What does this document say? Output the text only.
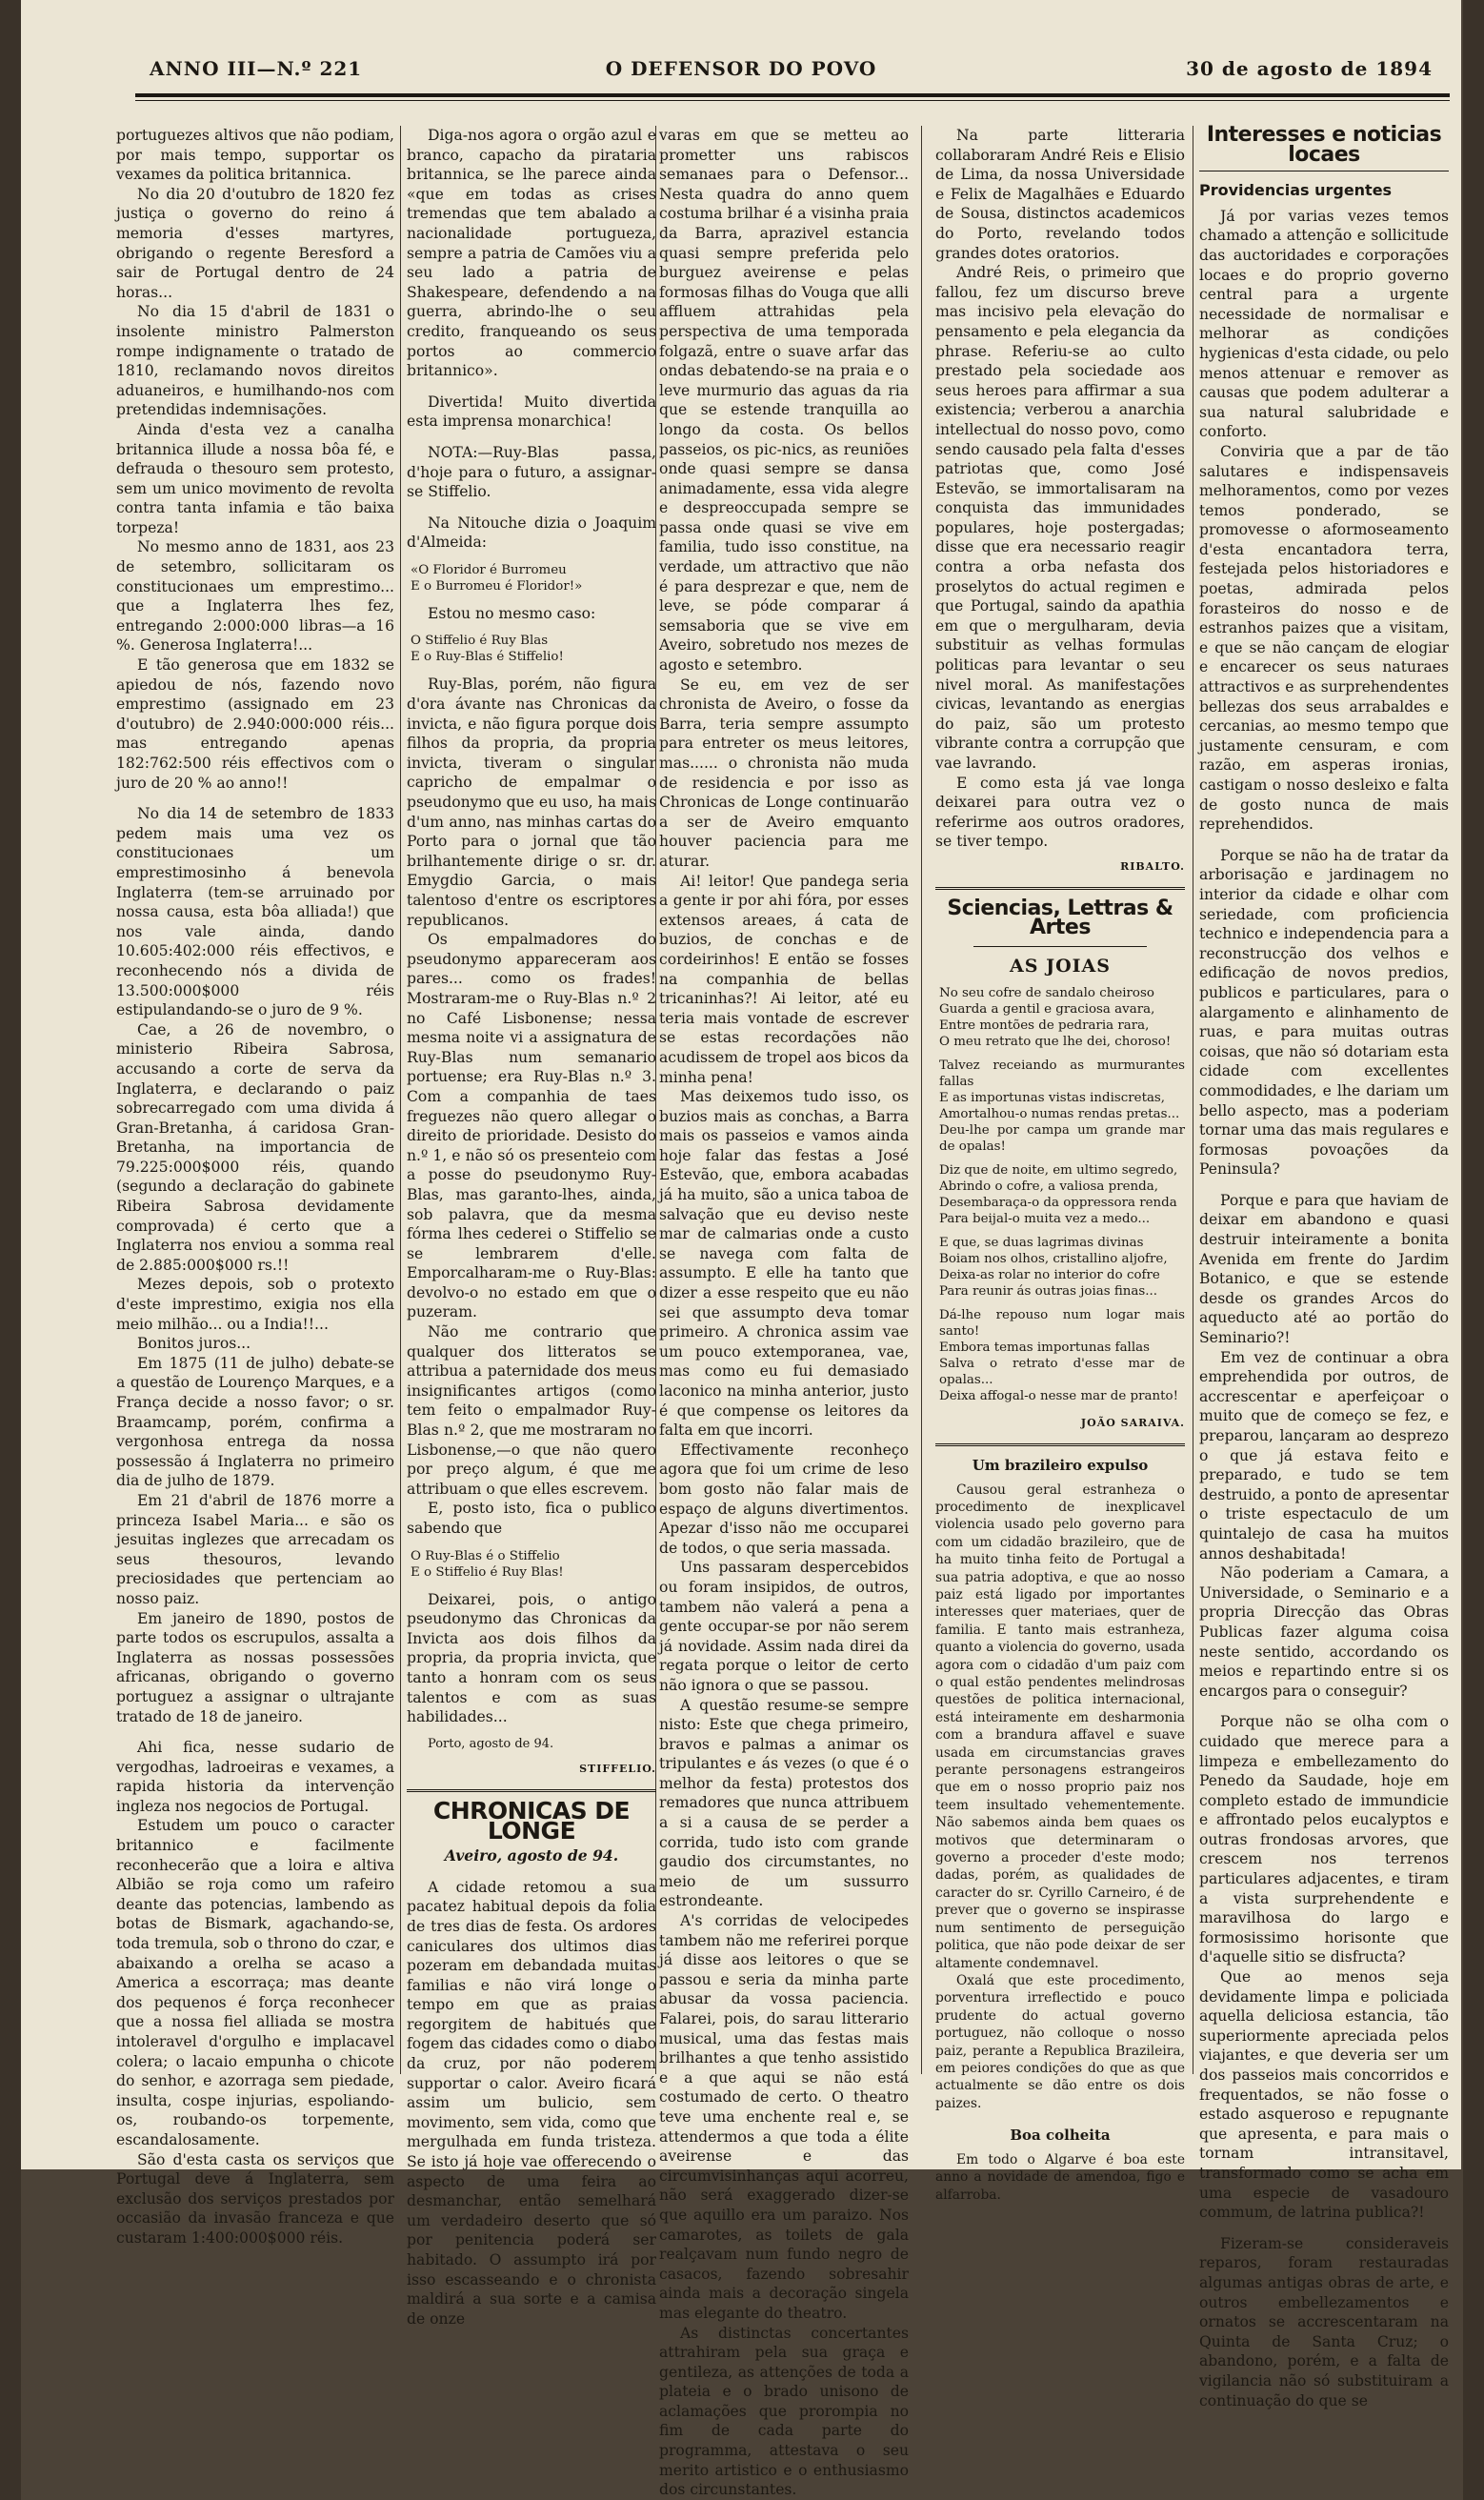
ANNO III—N.º 221	O DEFENSOR DO POVO	30 de agosto de 1894

portuguezes altivos que não podiam, por mais tempo, supportar os vexames da politica britannica.

No dia 20 d'outubro de 1820 fez justiça o governo do reino á memoria d'esses martyres, obrigando o regente Beresford a sair de Portugal dentro de 24 horas...

No dia 15 d'abril de 1831 o insolente ministro Palmerston rompe indignamente o tratado de 1810, reclamando novos direitos aduaneiros, e humilhando-nos com pretendidas indemnisações.

Ainda d'esta vez a canalha britannica illude a nossa bôa fé, e defrauda o thesouro sem protesto, sem um unico movimento de revolta contra tanta infamia e tão baixa torpeza!

No mesmo anno de 1831, aos 23 de setembro, sollicitaram os constitucionaes um emprestimo... que a Inglaterra lhes fez, entregando 2:000:000 libras—a 16 %. Generosa Inglaterra!...

E tão generosa que em 1832 se apiedou de nós, fazendo novo emprestimo (assignado em 23 d'outubro) de 2.940:000:000 réis... mas entregando apenas 182:762:500 réis effectivos com o juro de 20 % ao anno!!

No dia 14 de setembro de 1833 pedem mais uma vez os constitucionaes um emprestimosinho á benevola Inglaterra (tem-se arruinado por nossa causa, esta bôa alliada!) que nos vale ainda, dando 10.605:402:000 réis effectivos, e reconhecendo nós a divida de 13.500:000$000 réis estipulandando-se o juro de 9 %.

Cae, a 26 de novembro, o ministerio Ribeira Sabrosa, accusando a corte de serva da Inglaterra, e declarando o paiz sobrecarregado com uma divida á Gran-Bretanha, á caridosa Gran-Bretanha, na importancia de 79.225:000$000 réis, quando (segundo a declaração do gabinete Ribeira Sabrosa devidamente comprovada) é certo que a Inglaterra nos enviou a somma real de 2.885:000$000 rs.!!

Mezes depois, sob o protexto d'este imprestimo, exigia nos ella meio milhão... ou a India!!...

Bonitos juros...

Em 1875 (11 de julho) debate-se a questão de Lourenço Marques, e a França decide a nosso favor; o sr. Braamcamp, porém, confirma a vergonhosa entrega da nossa possessão á Inglaterra no primeiro dia de julho de 1879.

Em 21 d'abril de 1876 morre a princeza Isabel Maria... e são os jesuitas inglezes que arrecadam os seus thesouros, levando preciosidades que pertenciam ao nosso paiz.

Em janeiro de 1890, postos de parte todos os escrupulos, assalta a Inglaterra as nossas possessões africanas, obrigando o governo portuguez a assignar o ultrajante tratado de 18 de janeiro.

Ahi fica, nesse sudario de vergodhas, ladroeiras e vexames, a rapida historia da intervenção ingleza nos negocios de Portugal.

Estudem um pouco o caracter britannico e facilmente reconhecerão que a loira e altiva Albião se roja como um rafeiro deante das potencias, lambendo as botas de Bismark, agachando-se, toda tremula, sob o throno do czar, e abaixando a orelha se acaso a America a escorraça; mas deante dos pequenos é força reconhecer que a nossa fiel alliada se mostra intoleravel d'orgulho e implacavel colera; o lacaio empunha o chicote do senhor, e azorraga sem piedade, insulta, cospe injurias, espoliando-os, roubando-os torpemente, escandalosamente.

São d'esta casta os serviços que Portugal deve á Inglaterra, sem exclusão dos serviços prestados por occasião da invasão franceza e que custaram 1:400:000$000 réis.

Diga-nos agora o orgão azul e branco, capacho da pirataria britannica, se lhe parece ainda «que em todas as crises tremendas que tem abalado a nacionalidade portugueza, sempre a patria de Camões viu a seu lado a patria de Shakespeare, defendendo a na guerra, abrindo-lhe o seu credito, franqueando os seus portos ao commercio britannico».

Divertida! Muito divertida esta imprensa monarchica!

NOTA:—Ruy-Blas passa, d'hoje para o futuro, a assignar-se Stiffelio.

Na Nitouche dizia o Joaquim d'Almeida:

«O Floridor é Burromeu
E o Burromeu é Floridor!»

Estou no mesmo caso:

O Stiffelio é Ruy Blas
E o Ruy-Blas é Stiffelio!

Ruy-Blas, porém, não figura d'ora ávante nas Chronicas da invicta, e não figura porque dois filhos da propria, da propria invicta, tiveram o singular capricho de empalmar o pseudonymo que eu uso, ha mais d'um anno, nas minhas cartas do Porto para o jornal que tão brilhantemente dirige o sr. dr. Emygdio Garcia, o mais talentoso d'entre os escriptores republicanos.

Os empalmadores do pseudonymo appareceram aos pares... como os frades! Mostraram-me o Ruy-Blas n.º 2 no Café Lisbonense; nessa mesma noite vi a assignatura de Ruy-Blas num semanario portuense; era Ruy-Blas n.º 3. Com a companhia de taes freguezes não quero allegar o direito de prioridade. Desisto do n.º 1, e não só os presenteio com a posse do pseudonymo Ruy-Blas, mas garanto-lhes, ainda, sob palavra, que da mesma fórma lhes cederei o Stiffelio se se lembrarem d'elle. Emporcalharam-me o Ruy-Blas: devolvo-o no estado em que o puzeram.

Não me contrario que qualquer dos litteratos se attribua a paternidade dos meus insignificantes artigos (como tem feito o empalmador Ruy-Blas n.º 2, que me mostraram no Lisbonense,—o que não quero por preço algum, é que me attribuam o que elles escrevem.

E, posto isto, fica o publico sabendo que

O Ruy-Blas é o Stiffelio
E o Stiffelio é Ruy Blas!

Deixarei, pois, o antigo pseudonymo das Chronicas da Invicta aos dois filhos da propria, da propria invicta, que tanto a honram com os seus talentos e com as suas habilidades...

Porto, agosto de 94.

STIFFELIO.
CHRONICAS DE LONGE

Aveiro, agosto de 94.

A cidade retomou a sua pacatez habitual depois da folia de tres dias de festa. Os ardores caniculares dos ultimos dias pozeram em debandada muitas familias e não virá longe o tempo em que as praias regorgitem de habitués que fogem das cidades como o diabo da cruz, por não poderem supportar o calor. Aveiro ficará assim um bulicio, sem movimento, sem vida, como que mergulhada em funda tristeza. Se isto já hoje vae offerecendo o aspecto de uma feira ao desmanchar, então semelhará um verdadeiro deserto que só por penitencia poderá ser habitado. O assumpto irá por isso escasseando e o chronista maldirá a sua sorte e a camisa de onze

varas em que se metteu ao prometter uns rabiscos semanaes para o Defensor... Nesta quadra do anno quem costuma brilhar é a visinha praia da Barra, aprazivel estancia quasi sempre preferida pelo burguez aveirense e pelas formosas filhas do Vouga que alli affluem attrahidas pela perspectiva de uma temporada folgazã, entre o suave arfar das ondas debatendo-se na praia e o leve murmurio das aguas da ria que se estende tranquilla ao longo da costa. Os bellos passeios, os pic-nics, as reuniões onde quasi sempre se dansa animadamente, essa vida alegre e despreoccupada sempre se passa onde quasi se vive em familia, tudo isso constitue, na verdade, um attractivo que não é para desprezar e que, nem de leve, se póde comparar á semsaboria que se vive em Aveiro, sobretudo nos mezes de agosto e setembro.

Se eu, em vez de ser chronista de Aveiro, o fosse da Barra, teria sempre assumpto para entreter os meus leitores, mas...... o chronista não muda de residencia e por isso as Chronicas de Longe continuarão a ser de Aveiro emquanto houver paciencia para me aturar.

Ai! leitor! Que pandega seria a gente ir por ahi fóra, por esses extensos areaes, á cata de buzios, de conchas e de cordeirinhos! E então se fosses na companhia de bellas tricaninhas?! Ai leitor, até eu teria mais vontade de escrever se estas recordações não acudissem de tropel aos bicos da minha pena!

Mas deixemos tudo isso, os buzios mais as conchas, a Barra mais os passeios e vamos ainda hoje falar das festas a José Estevão, que, embora acabadas já ha muito, são a unica taboa de salvação que eu deviso neste mar de calmarias onde a custo se navega com falta de assumpto. E elle ha tanto que dizer a esse respeito que eu não sei que assumpto deva tomar primeiro. A chronica assim vae um pouco extemporanea, vae, mas como eu fui demasiado laconico na minha anterior, justo é que compense os leitores da falta em que incorri.

Effectivamente reconheço agora que foi um crime de leso bom gosto não falar mais de espaço de alguns divertimentos. Apezar d'isso não me occuparei de todos, o que seria massada.

Uns passaram despercebidos ou foram insipidos, de outros, tambem não valerá a pena a gente occupar-se por não serem já novidade. Assim nada direi da regata porque o leitor de certo não ignora o que se passou.

A questão resume-se sempre nisto: Este que chega primeiro, bravos e palmas a animar os tripulantes e ás vezes (o que é o melhor da festa) protestos dos remadores que nunca attribuem a si a causa de se perder a corrida, tudo isto com grande gaudio dos circumstantes, no meio de um sussurro estrondeante.

A's corridas de velocipedes tambem não me referirei porque já disse aos leitores o que se passou e seria da minha parte abusar da vossa paciencia. Falarei, pois, do sarau litterario musical, uma das festas mais brilhantes a que tenho assistido e a que aqui se não está costumado de certo. O theatro teve uma enchente real e, se attendermos a que toda a élite aveirense e das circumvisinhanças aqui acorreu, não será exaggerado dizer-se que aquillo era um paraizo. Nos camarotes, as toilets de gala realçavam num fundo negro de casacos, fazendo sobresahir ainda mais a decoração singela mas elegante do theatro.

As distinctas concertantes attrahiram pela sua graça e gentileza, as attenções de toda a plateia e o brado unisono de aclamações que prorompia no fim de cada parte do programma, attestava o seu merito artistico e o enthusiasmo dos circunstantes.

Na parte litteraria collaboraram André Reis e Elisio de Lima, da nossa Universidade e Felix de Magalhães e Eduardo de Sousa, distinctos academicos do Porto, revelando todos grandes dotes oratorios.

André Reis, o primeiro que fallou, fez um discurso breve mas incisivo pela elevação do pensamento e pela elegancia da phrase. Referiu-se ao culto prestado pela sociedade aos seus heroes para affirmar a sua existencia; verberou a anarchia intellectual do nosso povo, como sendo causado pela falta d'esses patriotas que, como José Estevão, se immortalisaram na conquista das immunidades populares, hoje postergadas; disse que era necessario reagir contra a orba nefasta dos proselytos do actual regimen e que Portugal, saindo da apathia em que o mergulharam, devia substituir as velhas formulas politicas para levantar o seu nivel moral. As manifestações civicas, levantando as energias do paiz, são um protesto vibrante contra a corrupção que vae lavrando.

E como esta já vae longa deixarei para outra vez o referirme aos outros oradores, se tiver tempo.

RIBALTO.
Sciencias, Lettras & Artes
AS JOIAS
No seu cofre de sandalo cheiroso
Guarda a gentil e graciosa avara,
Entre montões de pedraria rara,
O meu retrato que lhe dei, choroso!

Talvez receiando as murmurantes fallas
E as importunas vistas indiscretas,
Amortalhou-o numas rendas pretas...
Deu-lhe por campa um grande mar de opalas!

Diz que de noite, em ultimo segredo,
Abrindo o cofre, a valiosa prenda,
Desembaraça-o da oppressora renda
Para beijal-o muita vez a medo...

E que, se duas lagrimas divinas
Boiam nos olhos, cristallino aljofre,
Deixa-as rolar no interior do cofre
Para reunir ás outras joias finas...

Dá-lhe repouso num logar mais santo!
Embora temas importunas fallas
Salva o retrato d'esse mar de opalas...
Deixa affogal-o nesse mar de pranto!
JOÃO SARAIVA.
Um brazileiro expulso

Causou geral estranheza o procedimento de inexplicavel violencia usado pelo governo para com um cidadão brazileiro, que de ha muito tinha feito de Portugal a sua patria adoptiva, e que ao nosso paiz está ligado por importantes interesses quer materiaes, quer de familia. E tanto mais estranheza, quanto a violencia do governo, usada agora com o cidadão d'um paiz com o qual estão pendentes melindrosas questões de politica internacional, está inteiramente em desharmonia com a brandura affavel e suave usada em circumstancias graves perante personagens estrangeiros que em o nosso proprio paiz nos teem insultado vehementemente. Não sabemos ainda bem quaes os motivos que determinaram o governo a proceder d'este modo; dadas, porém, as qualidades de caracter do sr. Cyrillo Carneiro, é de prever que o governo se inspirasse num sentimento de perseguição politica, que não pode deixar de ser altamente condemnavel.

Oxalá que este procedimento, porventura irreflectido e pouco prudente do actual governo portuguez, não colloque o nosso paiz, perante a Republica Brazileira, em peiores condições do que as que actualmente se dão entre os dois paizes.

Boa colheita

Em todo o Algarve é boa este anno a novidade de amendoa, figo e alfarroba.

Interesses e noticias locaes
Providencias urgentes

Já por varias vezes temos chamado a attenção e sollicitude das auctoridades e corporações locaes e do proprio governo central para a urgente necessidade de normalisar e melhorar as condições hygienicas d'esta cidade, ou pelo menos attenuar e remover as causas que podem adulterar a sua natural salubridade e conforto.

Conviria que a par de tão salutares e indispensaveis melhoramentos, como por vezes temos ponderado, se promovesse o aformoseamento d'esta encantadora terra, festejada pelos historiadores e poetas, admirada pelos forasteiros do nosso e de estranhos paizes que a visitam, e que se não cançam de elogiar e encarecer os seus naturaes attractivos e as surprehendentes bellezas dos seus arrabaldes e cercanias, ao mesmo tempo que justamente censuram, e com razão, em asperas ironias, castigam o nosso desleixo e falta de gosto nunca de mais reprehendidos.

Porque se não ha de tratar da arborisação e jardinagem no interior da cidade e olhar com seriedade, com proficiencia technico e independencia para a reconstrucção dos velhos e edificação de novos predios, publicos e particulares, para o alargamento e alinhamento de ruas, e para muitas outras coisas, que não só dotariam esta cidade com excellentes commodidades, e lhe dariam um bello aspecto, mas a poderiam tornar uma das mais regulares e formosas povoações da Peninsula?

Porque e para que haviam de deixar em abandono e quasi destruir inteiramente a bonita Avenida em frente do Jardim Botanico, e que se estende desde os grandes Arcos do aqueducto até ao portão do Seminario?!

Em vez de continuar a obra emprehendida por outros, de accrescentar e aperfeiçoar o muito que de começo se fez, e preparou, lançaram ao desprezo o que já estava feito e preparado, e tudo se tem destruido, a ponto de apresentar o triste espectaculo de um quintalejo de casa ha muitos annos deshabitada!

Não poderiam a Camara, a Universidade, o Seminario e a propria Direcção das Obras Publicas fazer alguma coisa neste sentido, accordando os meios e repartindo entre si os encargos para o conseguir?

Porque não se olha com o cuidado que merece para a limpeza e embellezamento do Penedo da Saudade, hoje em completo estado de immundicie e affrontado pelos eucalyptos e outras frondosas arvores, que crescem nos terrenos particulares adjacentes, e tiram a vista surprehendente e maravilhosa do largo e formosissimo horisonte que d'aquelle sitio se disfructa?

Que ao menos seja devidamente limpa e policiada aquella deliciosa estancia, tão superiormente apreciada pelos viajantes, e que deveria ser um dos passeios mais concorridos e frequentados, se não fosse o estado asqueroso e repugnante que apresenta, e para mais o tornam intransitavel, transformado como se acha em uma especie de vasadouro commum, de latrina publica?!

Fizeram-se consideraveis reparos, foram restauradas algumas antigas obras de arte, e outros embellezamentos e ornatos se accrescentaram na Quinta de Santa Cruz; o abandono, porém, e a falta de vigilancia não só substituiram a continuação do que se
